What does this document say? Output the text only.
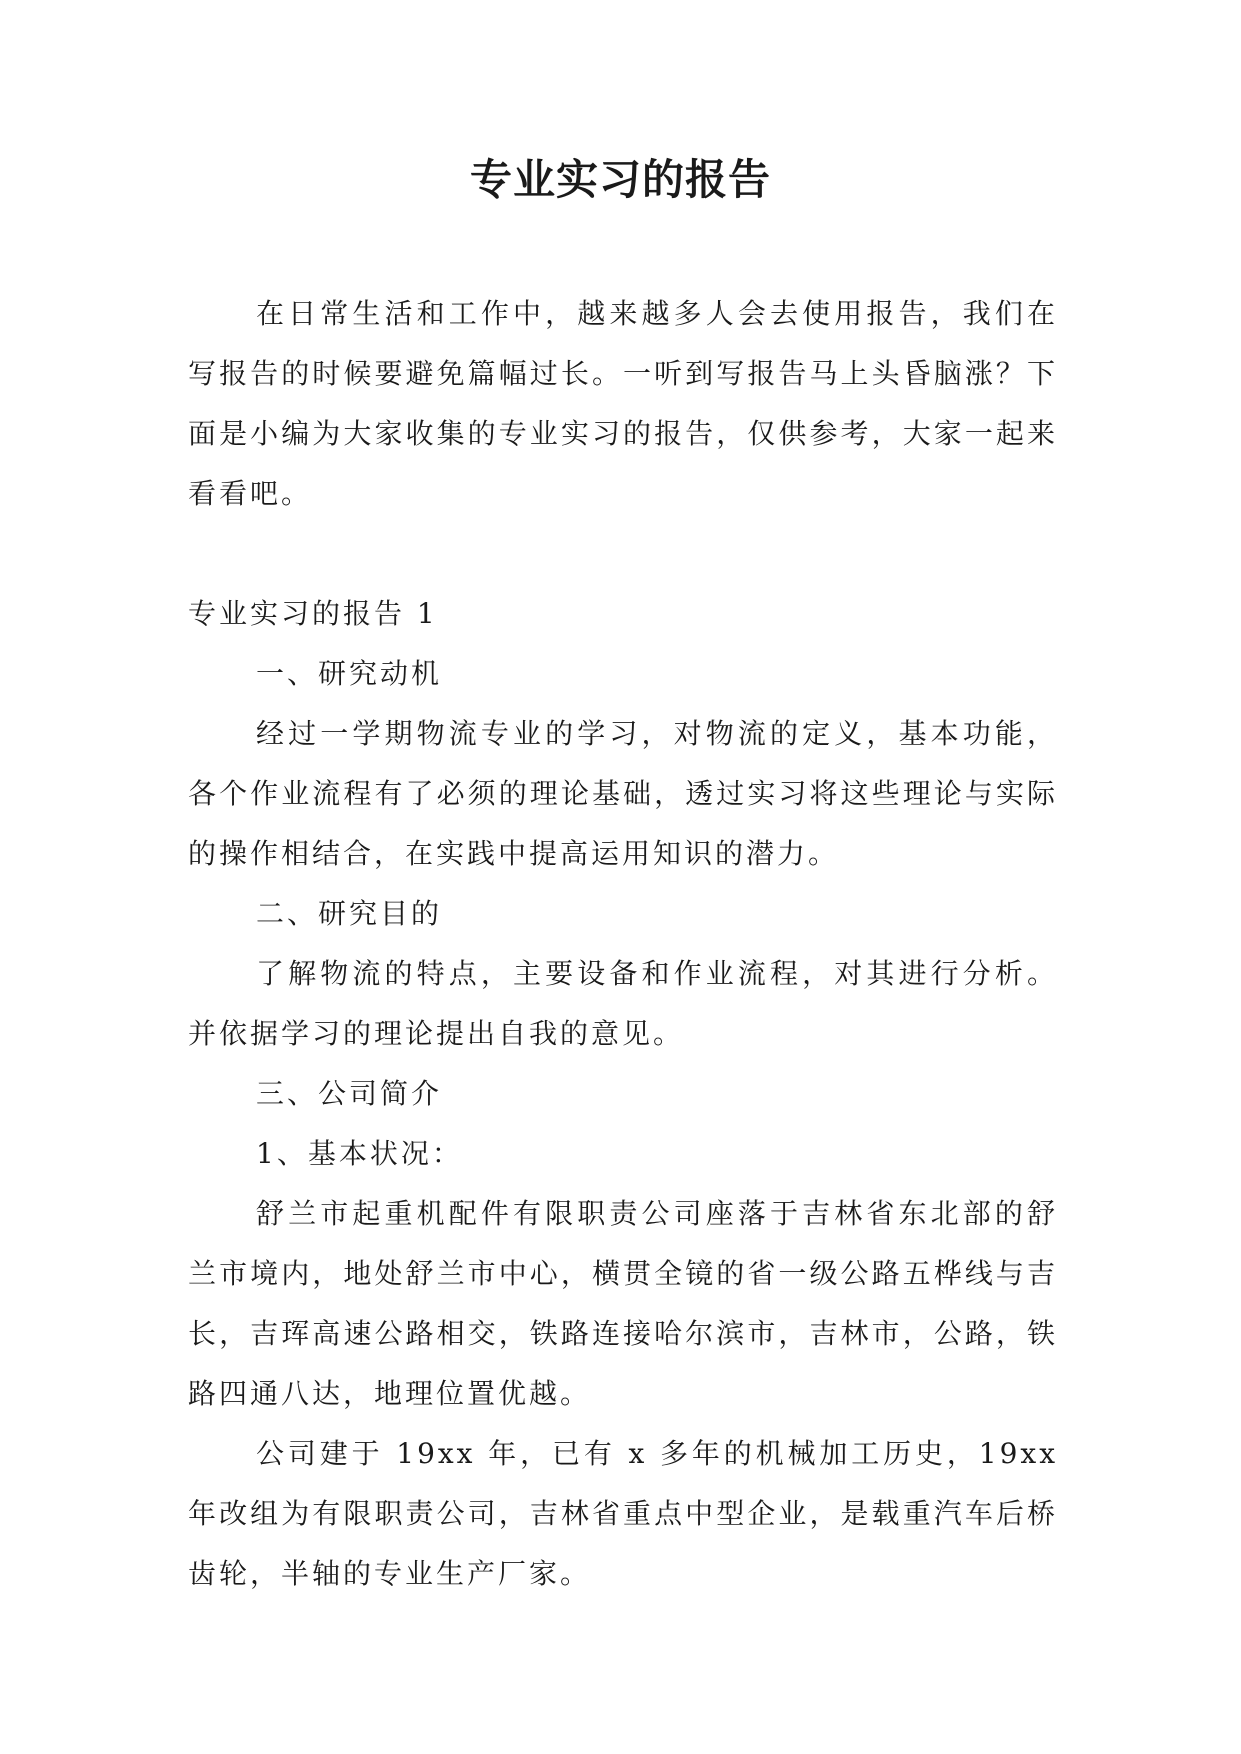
专业实习的报告

在日常生活和工作中，越来越多人会去使用报告，我们在写报告的时候要避免篇幅过长。一听到写报告马上头昏脑涨？下面是小编为大家收集的专业实习的报告，仅供参考，大家一起来看看吧。

专业实习的报告 1

一、研究动机

经过一学期物流专业的学习，对物流的定义，基本功能，各个作业流程有了必须的理论基础，透过实习将这些理论与实际的操作相结合，在实践中提高运用知识的潜力。

二、研究目的

了解物流的特点，主要设备和作业流程，对其进行分析。并依据学习的理论提出自我的意见。

三、公司简介

1、基本状况：

舒兰市起重机配件有限职责公司座落于吉林省东北部的舒兰市境内，地处舒兰市中心，横贯全镜的省一级公路五桦线与吉长，吉珲高速公路相交，铁路连接哈尔滨市，吉林市，公路，铁路四通八达，地理位置优越。

公司建于 19xx 年，已有 x 多年的机械加工历史，19xx 年改组为有限职责公司，吉林省重点中型企业，是载重汽车后桥齿轮，半轴的专业生产厂家。
